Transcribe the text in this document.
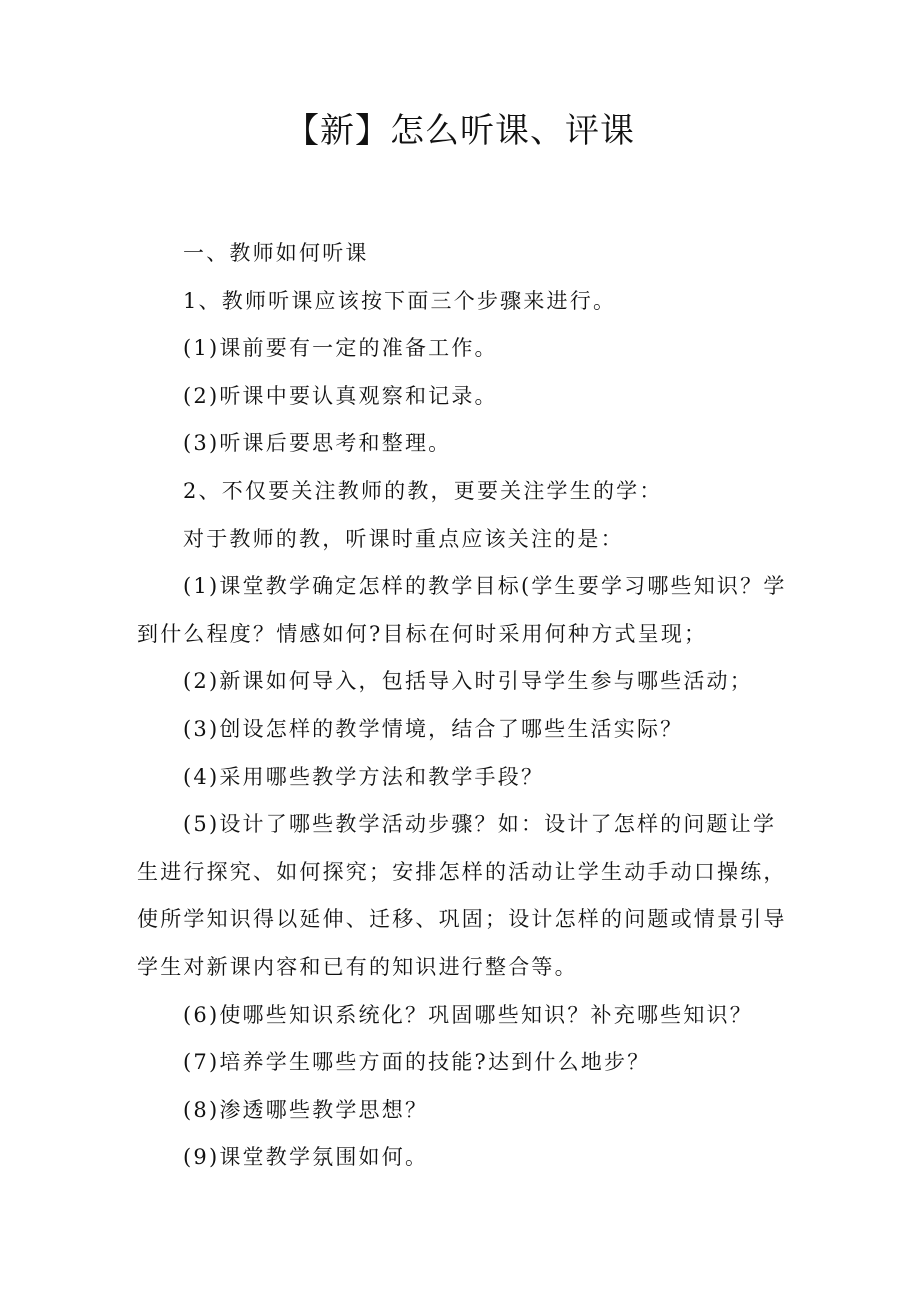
【新】怎么听课、评课

一、教师如何听课

1、教师听课应该按下面三个步骤来进行。

(1)课前要有一定的准备工作。

(2)听课中要认真观察和记录。

(3)听课后要思考和整理。

2、不仅要关注教师的教，更要关注学生的学：

对于教师的教，听课时重点应该关注的是：

(1)课堂教学确定怎样的教学目标(学生要学习哪些知识？学到什么程度？情感如何?目标在何时采用何种方式呈现；

(2)新课如何导入，包括导入时引导学生参与哪些活动；

(3)创设怎样的教学情境，结合了哪些生活实际？

(4)采用哪些教学方法和教学手段？

(5)设计了哪些教学活动步骤？如：设计了怎样的问题让学生进行探究、如何探究；安排怎样的活动让学生动手动口操练，使所学知识得以延伸、迁移、巩固；设计怎样的问题或情景引导学生对新课内容和已有的知识进行整合等。

(6)使哪些知识系统化？巩固哪些知识？补充哪些知识？

(7)培养学生哪些方面的技能?达到什么地步？

(8)渗透哪些教学思想？

(9)课堂教学氛围如何。
